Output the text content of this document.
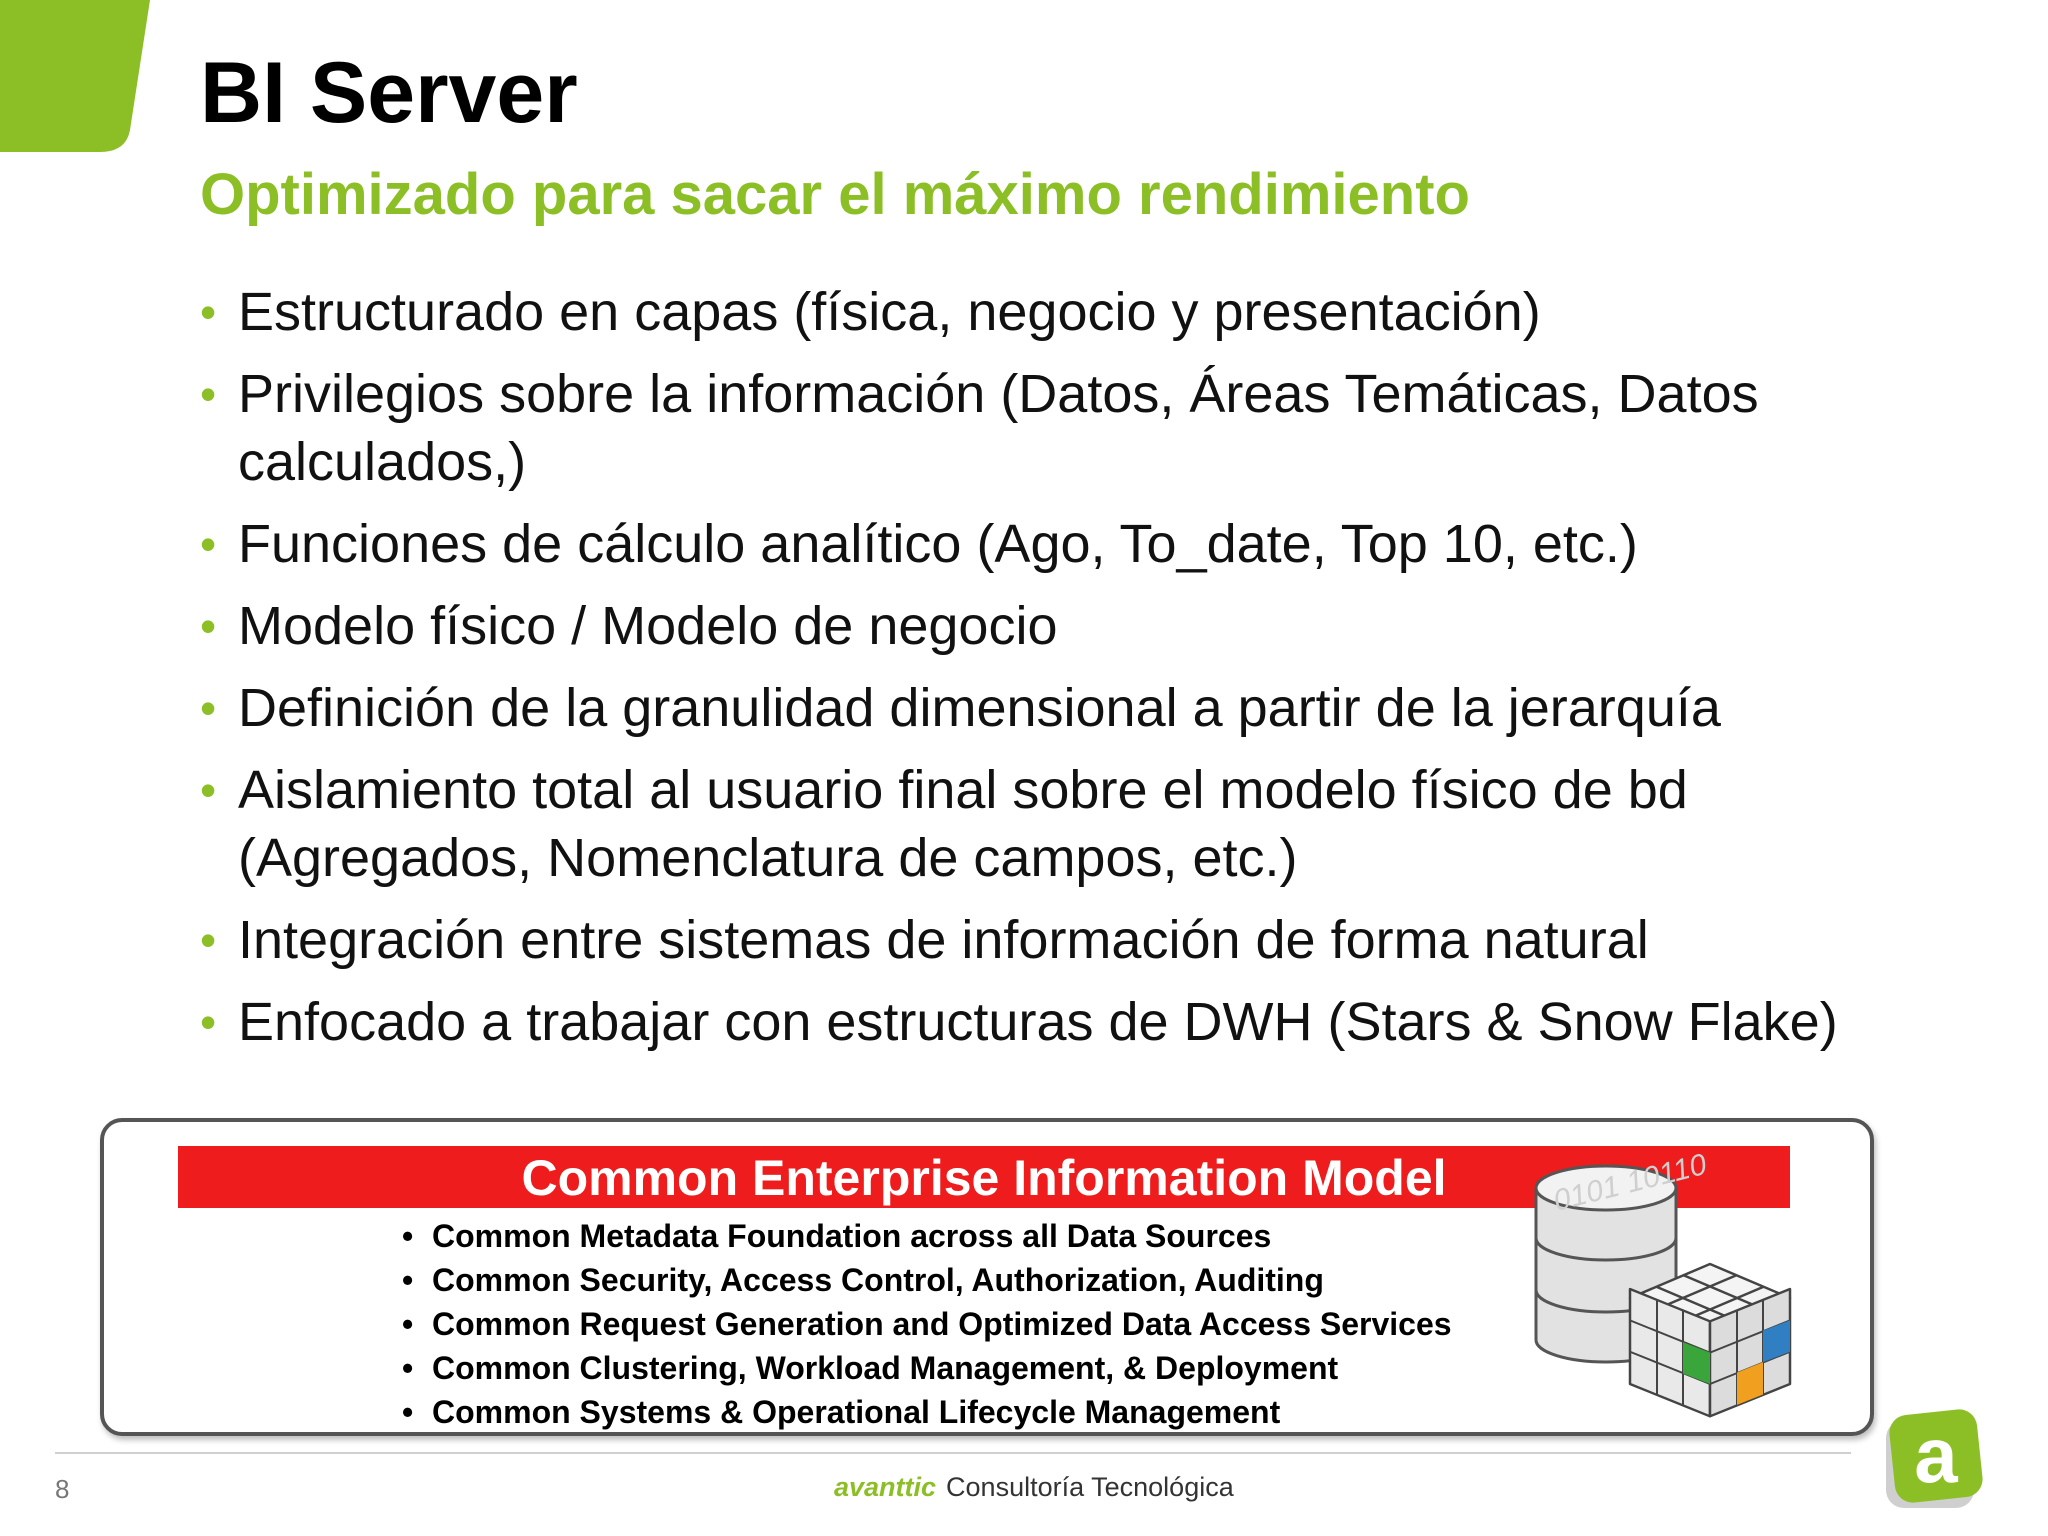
BI Server
Optimizado para sacar el máximo rendimiento
• Estructurado en capas (física, negocio y presentación)
• Privilegios sobre la información (Datos, Áreas Temáticas, Datos calculados,)
• Funciones de cálculo analítico (Ago, To_date, Top 10, etc.)
• Modelo físico / Modelo de negocio
• Definición de la granulidad dimensional a partir de la jerarquía
• Aislamiento total al usuario final sobre el modelo físico de bd (Agregados, Nomenclatura de campos, etc.)
• Integración entre sistemas de información de forma natural
• Enfocado a trabajar con estructuras de DWH (Stars & Snow Flake)
Common Enterprise Information Model
• Common Metadata Foundation across all Data Sources
• Common Security, Access Control, Authorization, Auditing
• Common Request Generation and Optimized Data Access Services
• Common Clustering, Workload Management, & Deployment
• Common Systems & Operational Lifecycle Management
0101 10110
8	avanttic Consultoría Tecnológica	a
